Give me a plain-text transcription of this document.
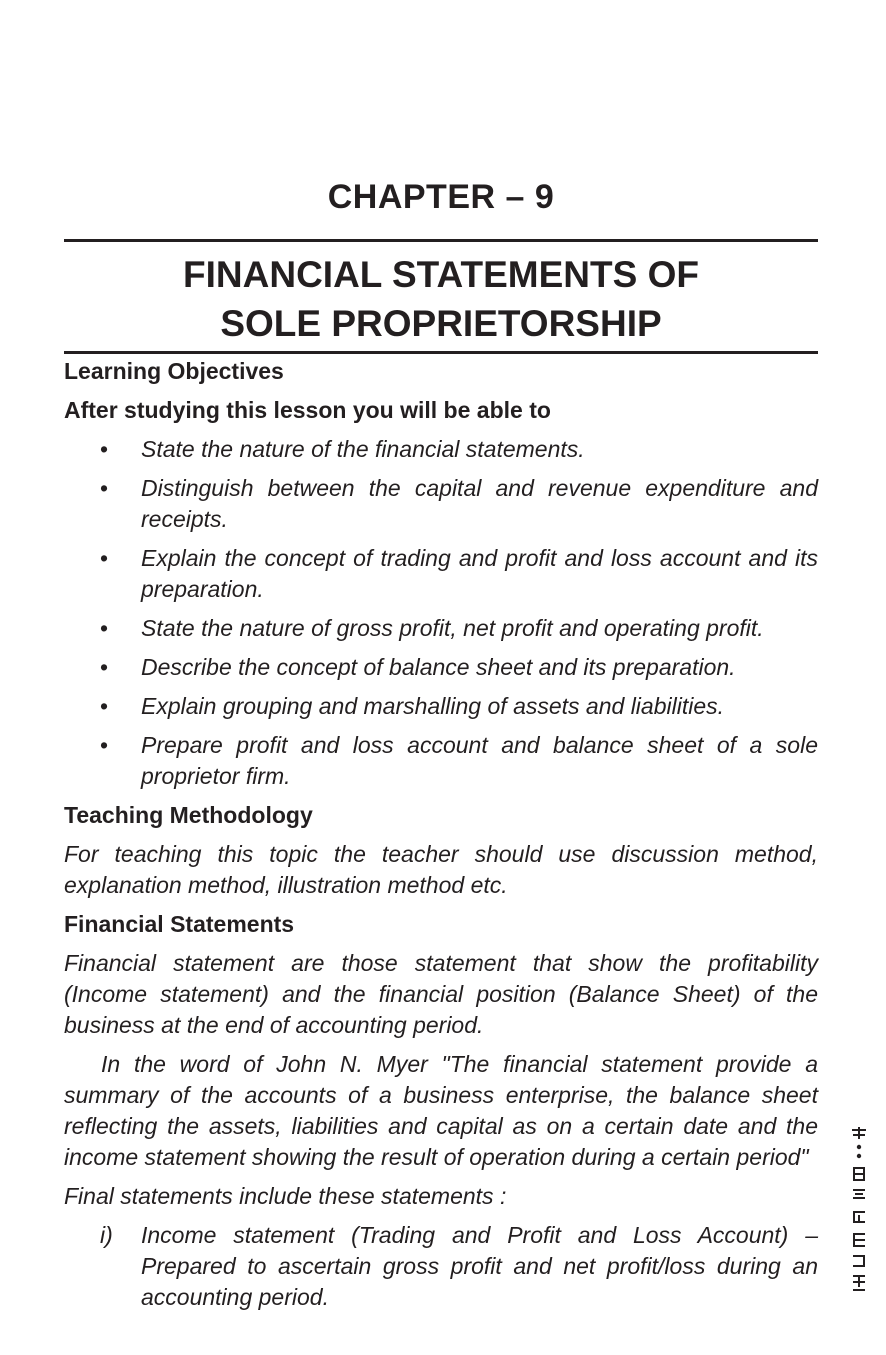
CHAPTER – 9
FINANCIAL STATEMENTS OF
SOLE PROPRIETORSHIP
Learning Objectives
After studying this lesson you will be able to
• State the nature of the financial statements.
• Distinguish between the capital and revenue expenditure and receipts.
• Explain the concept of trading and profit and loss account and its preparation.
• State the nature of gross profit, net profit and operating profit.
• Describe the concept of balance sheet and its preparation.
• Explain grouping and marshalling of assets and liabilities.
• Prepare profit and loss account and balance sheet of a sole proprietor firm.
Teaching Methodology

For teaching this topic the teacher should use discussion method, explanation method, illustration method etc.

Financial Statements

Financial statement are those statement that show the profitability (Income statement) and the financial position (Balance Sheet) of the business at the end of accounting period.

In the word of John N. Myer "The financial statement provide a summary of the accounts of a business enterprise, the balance sheet reflecting the assets, liabilities and capital as on a certain date and the income statement showing the result of operation during a certain period"

Final statements include these statements :

i) Income statement (Trading and Profit and Loss Account) – Prepared to ascertain gross profit and net profit/loss during an accounting period.
